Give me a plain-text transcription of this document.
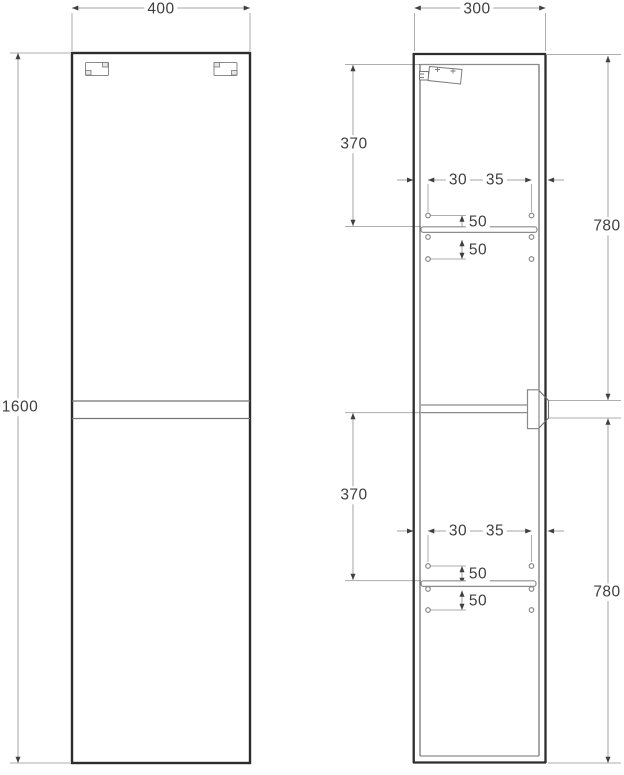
400	300
1600
370
30 35
50
50
780
370
30 35
50
50
780
